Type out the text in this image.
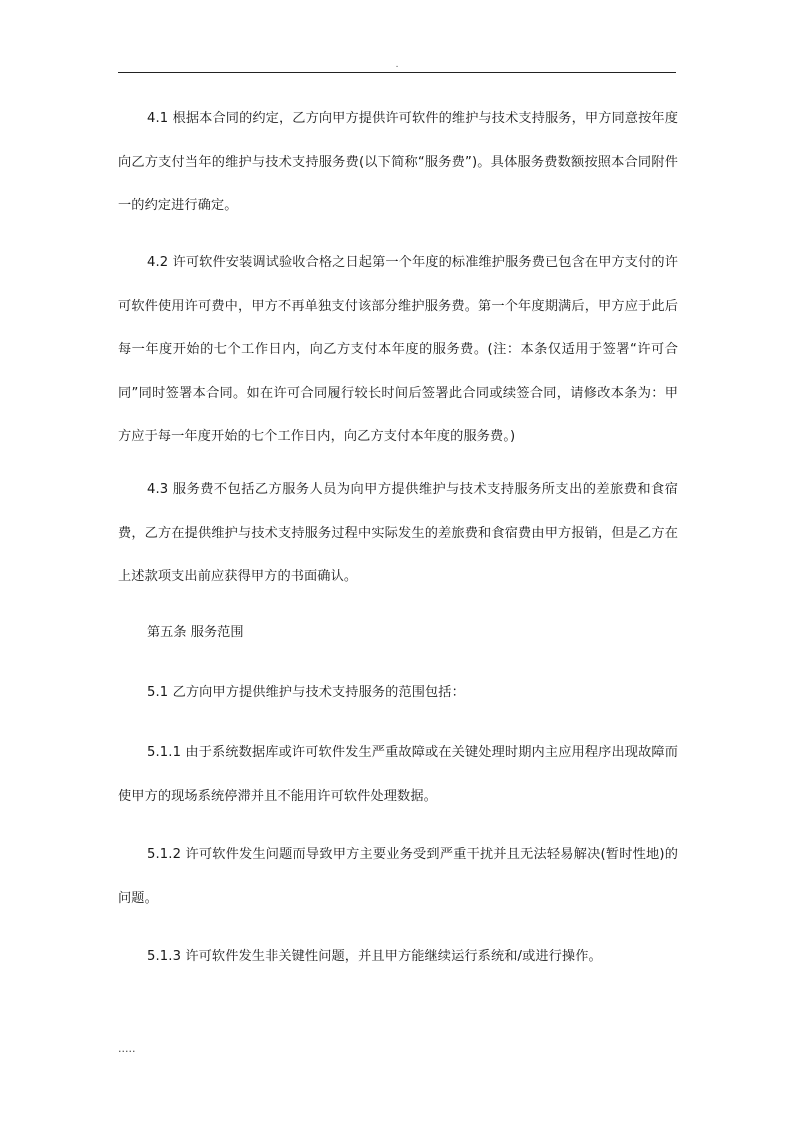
.

4.1 根据本合同的约定，乙方向甲方提供许可软件的维护与技术支持服务，甲方同意按年度向乙方支付当年的维护与技术支持服务费(以下简称“服务费”)。具体服务费数额按照本合同附件一的约定进行确定。

4.2 许可软件安装调试验收合格之日起第一个年度的标准维护服务费已包含在甲方支付的许可软件使用许可费中，甲方不再单独支付该部分维护服务费。第一个年度期满后，甲方应于此后每一年度开始的七个工作日内，向乙方支付本年度的服务费。(注：本条仅适用于签署“许可合同”同时签署本合同。如在许可合同履行较长时间后签署此合同或续签合同，请修改本条为：甲方应于每一年度开始的七个工作日内，向乙方支付本年度的服务费。)

4.3 服务费不包括乙方服务人员为向甲方提供维护与技术支持服务所支出的差旅费和食宿费，乙方在提供维护与技术支持服务过程中实际发生的差旅费和食宿费由甲方报销，但是乙方在上述款项支出前应获得甲方的书面确认。

第五条 服务范围

5.1 乙方向甲方提供维护与技术支持服务的范围包括：

5.1.1 由于系统数据库或许可软件发生严重故障或在关键处理时期内主应用程序出现故障而使甲方的现场系统停滞并且不能用许可软件处理数据。

5.1.2 许可软件发生问题而导致甲方主要业务受到严重干扰并且无法轻易解决(暂时性地)的问题。

5.1.3 许可软件发生非关键性问题，并且甲方能继续运行系统和/或进行操作。

.....
